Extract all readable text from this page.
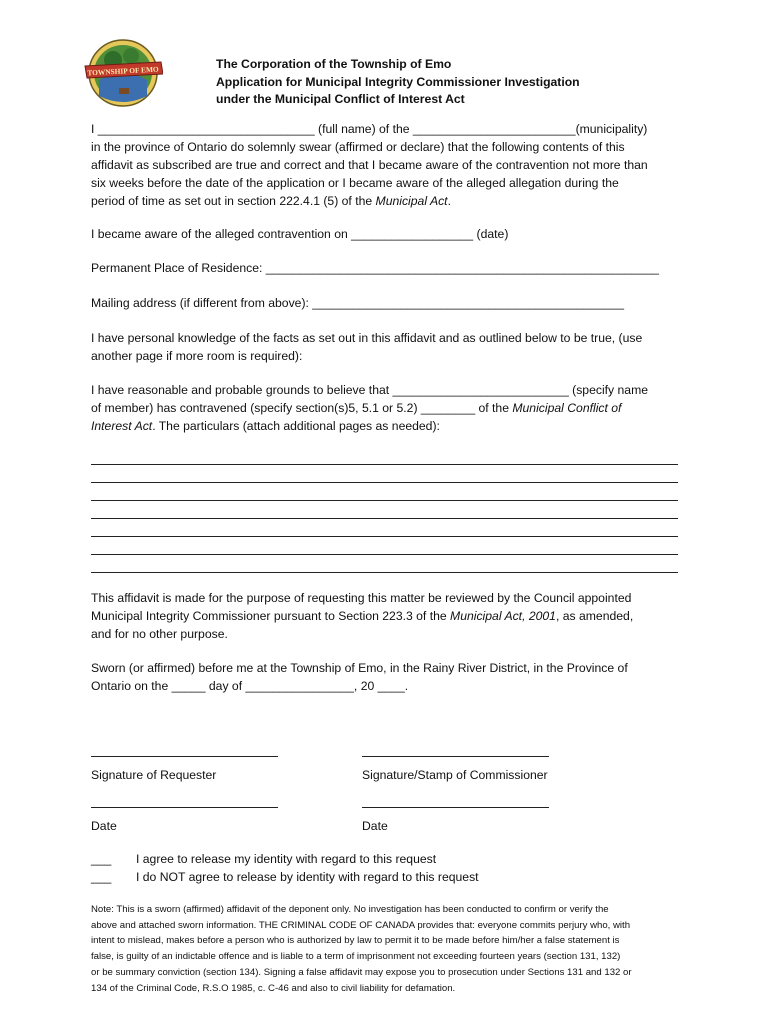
TOWNSHIP OF EMO	The Corporation of the Township of Emo
Application for Municipal Integrity Commissioner Investigation
under the Municipal Conflict of Interest Act
I ________________________________ (full name) of the ________________________(municipality)
in the province of Ontario do solemnly swear (affirmed or declare) that the following contents of this
affidavit as subscribed are true and correct and that I became aware of the contravention not more than
six weeks before the date of the application or I became aware of the alleged allegation during the
period of time as set out in section 222.4.1 (5) of the Municipal Act.
I became aware of the alleged contravention on __________________ (date)
Permanent Place of Residence: __________________________________________________________
Mailing address (if different from above): ______________________________________________
I have personal knowledge of the facts as set out in this affidavit and as outlined below to be true, (use
another page if more room is required):
I have reasonable and probable grounds to believe that __________________________ (specify name
of member) has contravened (specify section(s)5, 5.1 or 5.2) ________ of the Municipal Conflict of
Interest Act. The particulars (attach additional pages as needed):
This affidavit is made for the purpose of requesting this matter be reviewed by the Council appointed
Municipal Integrity Commissioner pursuant to Section 223.3 of the Municipal Act, 2001, as amended,
and for no other purpose.
Sworn (or affirmed) before me at the Township of Emo, in the Rainy River District, in the Province of
Ontario on the _____ day of ________________, 20 ____.
Signature of Requester	Signature/Stamp of Commissioner
Date	Date
___ I agree to release my identity with regard to this request
___ I do NOT agree to release by identity with regard to this request
Note: This is a sworn (affirmed) affidavit of the deponent only. No investigation has been conducted to confirm or verify the
above and attached sworn information. THE CRIMINAL CODE OF CANADA provides that: everyone commits perjury who, with
intent to mislead, makes before a person who is authorized by law to permit it to be made before him/her a false statement is
false, is guilty of an indictable offence and is liable to a term of imprisonment not exceeding fourteen years (section 131, 132)
or be summary conviction (section 134). Signing a false affidavit may expose you to prosecution under Sections 131 and 132 or
134 of the Criminal Code, R.S.O 1985, c. C-46 and also to civil liability for defamation.
